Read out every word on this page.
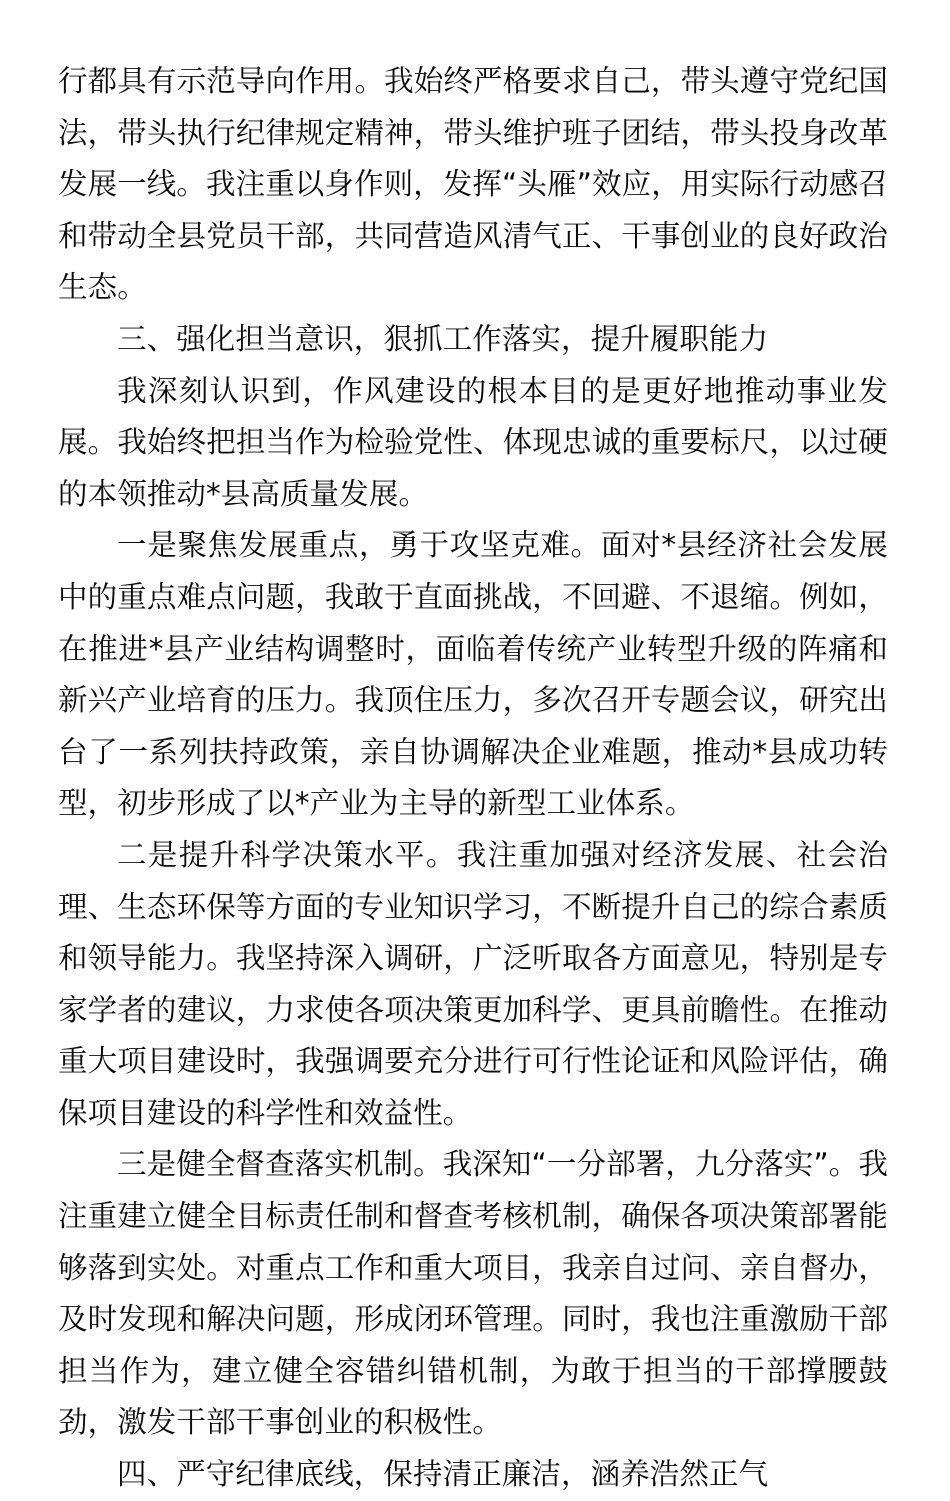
行都具有示范导向作用。我始终严格要求自己，带头遵守党纪国法，带头执行纪律规定精神，带头维护班子团结，带头投身改革发展一线。我注重以身作则，发挥“头雁”效应，用实际行动感召和带动全县党员干部，共同营造风清气正、干事创业的良好政治生态。

三、强化担当意识，狠抓工作落实，提升履职能力

我深刻认识到，作风建设的根本目的是更好地推动事业发展。我始终把担当作为检验党性、体现忠诚的重要标尺，以过硬的本领推动*县高质量发展。

一是聚焦发展重点，勇于攻坚克难。面对*县经济社会发展中的重点难点问题，我敢于直面挑战，不回避、不退缩。例如，在推进*县产业结构调整时，面临着传统产业转型升级的阵痛和新兴产业培育的压力。我顶住压力，多次召开专题会议，研究出台了一系列扶持政策，亲自协调解决企业难题，推动*县成功转型，初步形成了以*产业为主导的新型工业体系。

二是提升科学决策水平。我注重加强对经济发展、社会治理、生态环保等方面的专业知识学习，不断提升自己的综合素质和领导能力。我坚持深入调研，广泛听取各方面意见，特别是专家学者的建议，力求使各项决策更加科学、更具前瞻性。在推动重大项目建设时，我强调要充分进行可行性论证和风险评估，确保项目建设的科学性和效益性。

三是健全督查落实机制。我深知“一分部署，九分落实”。我注重建立健全目标责任制和督查考核机制，确保各项决策部署能够落到实处。对重点工作和重大项目，我亲自过问、亲自督办，及时发现和解决问题，形成闭环管理。同时，我也注重激励干部担当作为，建立健全容错纠错机制，为敢于担当的干部撑腰鼓劲，激发干部干事创业的积极性。

四、严守纪律底线，保持清正廉洁，涵养浩然正气
